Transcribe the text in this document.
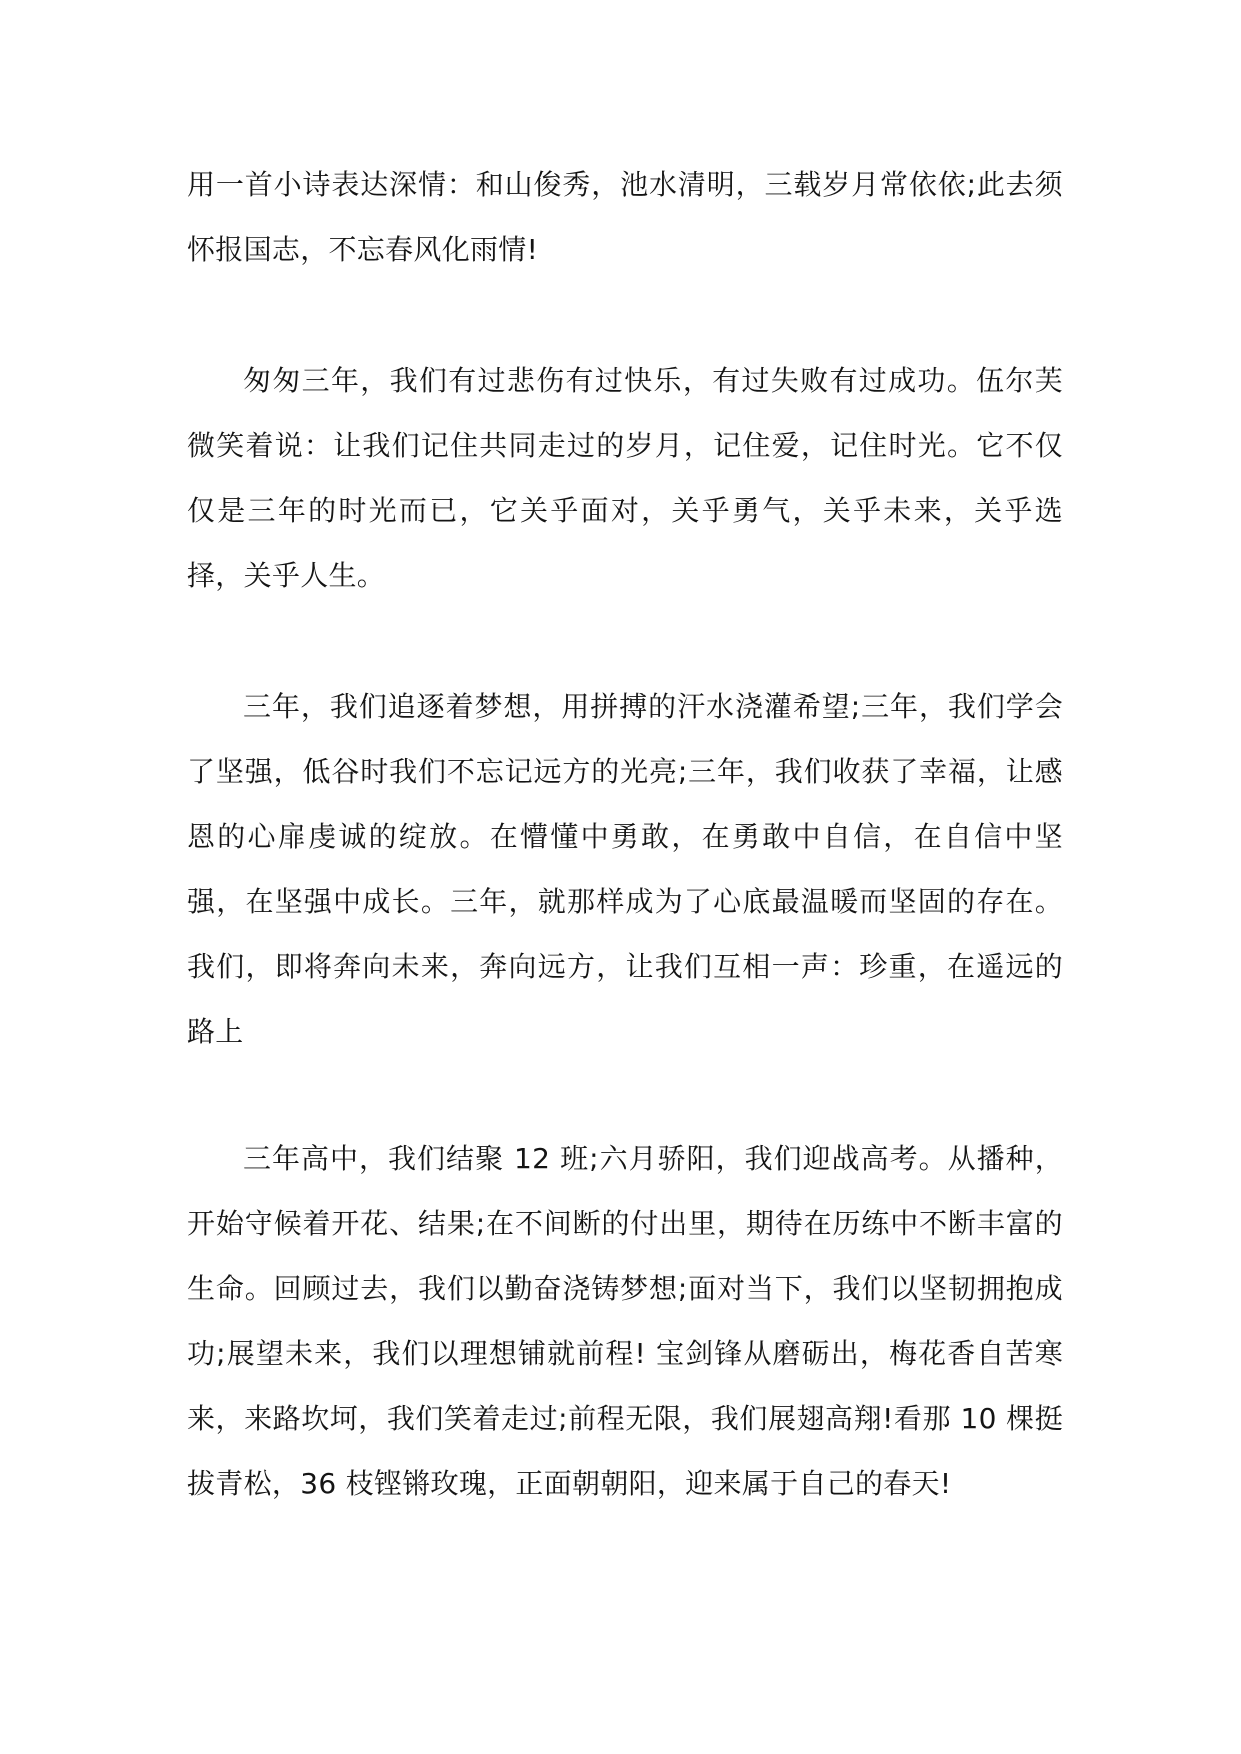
用一首小诗表达深情：和山俊秀，池水清明，三载岁月常依依;此去须怀报国志，不忘春风化雨情!

匆匆三年，我们有过悲伤有过快乐，有过失败有过成功。伍尔芙微笑着说：让我们记住共同走过的岁月，记住爱，记住时光。它不仅仅是三年的时光而已，它关乎面对，关乎勇气，关乎未来，关乎选择，关乎人生。

三年，我们追逐着梦想，用拼搏的汗水浇灌希望;三年，我们学会了坚强，低谷时我们不忘记远方的光亮;三年，我们收获了幸福，让感恩的心扉虔诚的绽放。在懵懂中勇敢，在勇敢中自信，在自信中坚强，在坚强中成长。三年，就那样成为了心底最温暖而坚固的存在。我们，即将奔向未来，奔向远方，让我们互相一声：珍重，在遥远的路上

三年高中，我们结聚 12 班;六月骄阳，我们迎战高考。从播种，开始守候着开花、结果;在不间断的付出里，期待在历练中不断丰富的生命。回顾过去，我们以勤奋浇铸梦想;面对当下，我们以坚韧拥抱成功;展望未来，我们以理想铺就前程! 宝剑锋从磨砺出，梅花香自苦寒来，来路坎坷，我们笑着走过;前程无限，我们展翅高翔!看那 10 棵挺拔青松，36 枝铿锵玫瑰，正面朝朝阳，迎来属于自己的春天!
